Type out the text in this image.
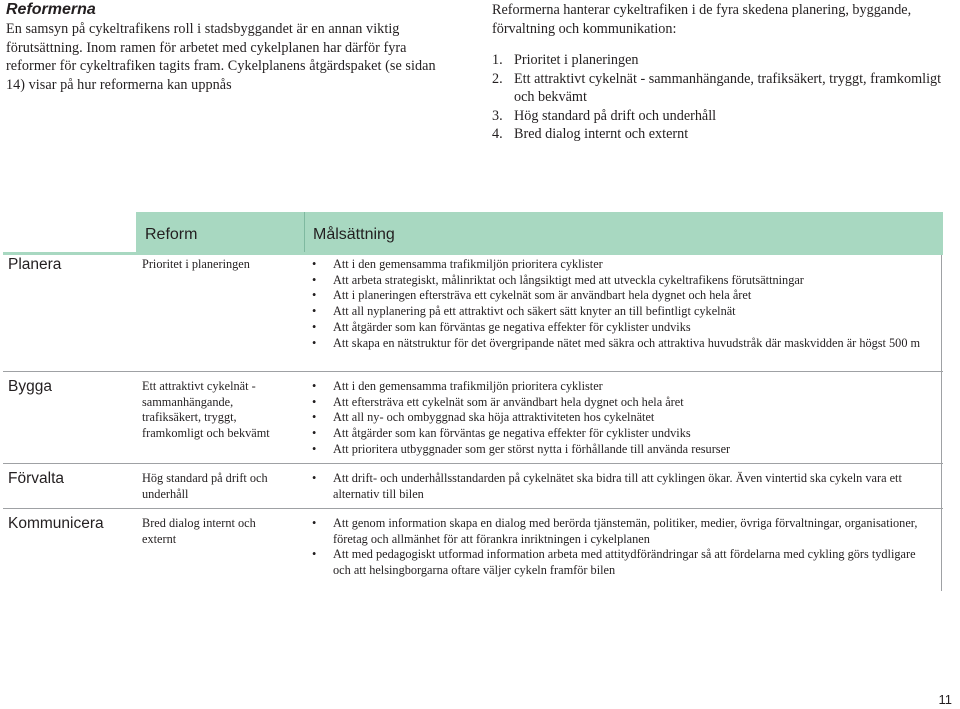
Reformerna

En samsyn på cykeltrafikens roll i stadsbyggandet är en annan viktig förutsättning. Inom ramen för arbetet med cykelplanen har därför fyra reformer för cykeltrafiken tagits fram. Cykelplanens åtgärdspaket (se sidan 14) visar på hur reformerna kan uppnås

Reformerna hanterar cykeltrafiken i de fyra skedena planering, byggande, förvaltning och kommunikation:

1. Prioritet i planeringen
2. Ett attraktivt cykelnät - sammanhängande, trafiksäkert, tryggt, framkomligt och bekvämt
3. Hög standard på drift och underhåll
4. Bred dialog internt och externt
Reform	Målsättning
Planera	Prioritet i planeringen	•	Att i den gemensamma trafikmiljön prioritera cyklister
•	Att arbeta strategiskt, målinriktat och långsiktigt med att utveckla cykeltrafikens förutsättningar
•	Att i planeringen eftersträva ett cykelnät som är användbart hela dygnet och hela året
•	Att all nyplanering på ett attraktivt och säkert sätt knyter an till befintligt cykelnät
•	Att åtgärder som kan förväntas ge negativa effekter för cyklister undviks
•	Att skapa en nätstruktur för det övergripande nätet med säkra och attraktiva huvudstråk där maskvidden är högst 500 m
Bygga	Ett attraktivt cykelnät - sammanhängande, trafiksäkert, tryggt, framkomligt och bekvämt
•	Att i den gemensamma trafikmiljön prioritera cyklister
•	Att eftersträva ett cykelnät som är användbart hela dygnet och hela året
•	Att all ny- och ombyggnad ska höja attraktiviteten hos cykelnätet
•	Att åtgärder som kan förväntas ge negativa effekter för cyklister undviks
•	Att prioritera utbyggnader som ger störst nytta i förhållande till använda resurser
Förvalta	Hög standard på drift och underhåll
•	Att drift- och underhållsstandarden på cykelnätet ska bidra till att cyklingen ökar. Även vintertid ska cykeln vara ett alternativ till bilen
Kommunicera	Bred dialog internt och externt
•	Att genom information skapa en dialog med berörda tjänstemän, politiker, medier, övriga förvaltningar, organisationer, företag och allmänhet för att förankra inriktningen i cykelplanen
•	Att med pedagogiskt utformad information arbeta med attitydförändringar så att fördelarna med cykling görs tydligare och att helsingborgarna oftare väljer cykeln framför bilen
11
